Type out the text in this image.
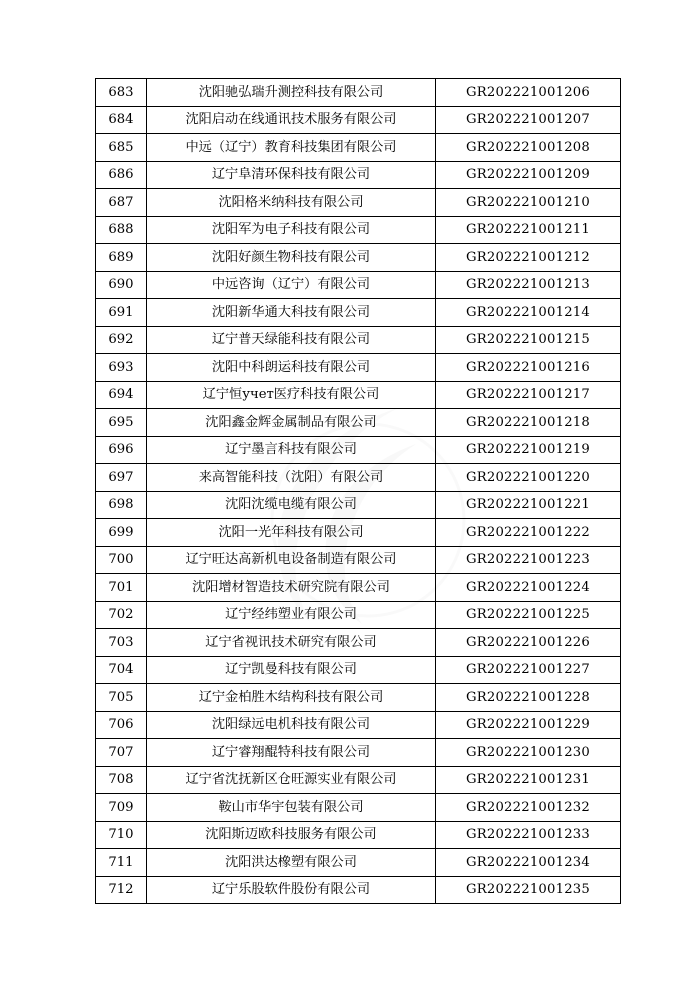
683	沈阳驰弘瑞升测控科技有限公司	GR202221001206
684	沈阳启动在线通讯技术服务有限公司	GR202221001207
685	中远（辽宁）教育科技集团有限公司	GR202221001208
686	辽宁阜清环保科技有限公司	GR202221001209
687	沈阳格米纳科技有限公司	GR202221001210
688	沈阳军为电子科技有限公司	GR202221001211
689	沈阳好颜生物科技有限公司	GR202221001212
690	中远咨询（辽宁）有限公司	GR202221001213
691	沈阳新华通大科技有限公司	GR202221001214
692	辽宁普天绿能科技有限公司	GR202221001215
693	沈阳中科朗运科技有限公司	GR202221001216
694	辽宁恒учет医疗科技有限公司	GR202221001217
695	沈阳鑫金辉金属制品有限公司	GR202221001218
696	辽宁墨言科技有限公司	GR202221001219
697	来高智能科技（沈阳）有限公司	GR202221001220
698	沈阳沈缆电缆有限公司	GR202221001221
699	沈阳一光年科技有限公司	GR202221001222
700	辽宁旺达高新机电设备制造有限公司	GR202221001223
701	沈阳增材智造技术研究院有限公司	GR202221001224
702	辽宁经纬塑业有限公司	GR202221001225
703	辽宁省视讯技术研究有限公司	GR202221001226
704	辽宁凯曼科技有限公司	GR202221001227
705	辽宁金柏胜木结构科技有限公司	GR202221001228
706	沈阳绿远电机科技有限公司	GR202221001229
707	辽宁睿翔醌特科技有限公司	GR202221001230
708	辽宁省沈抚新区仓旺源实业有限公司	GR202221001231
709	鞍山市华宇包装有限公司	GR202221001232
710	沈阳斯迈欧科技服务有限公司	GR202221001233
711	沈阳洪达橡塑有限公司	GR202221001234
712	辽宁乐股软件股份有限公司	GR202221001235
